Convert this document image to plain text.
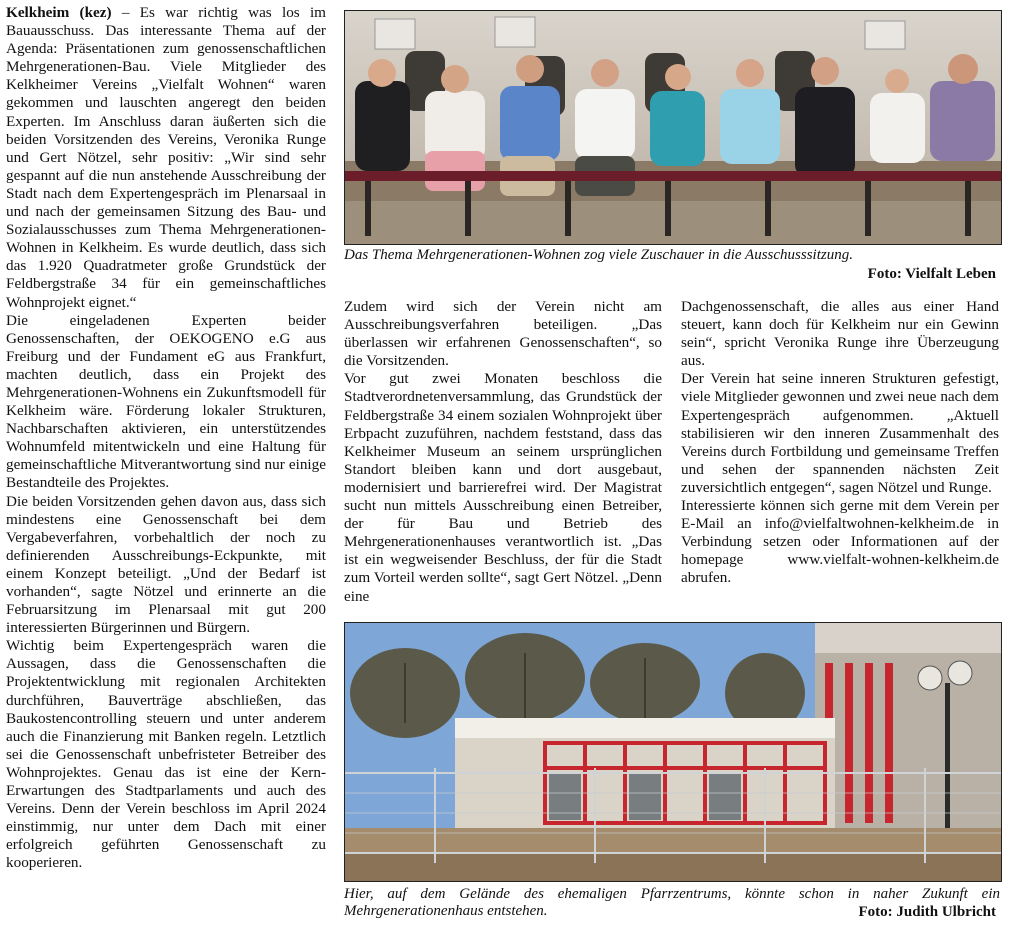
Kelkheim (kez) – Es war richtig was los im Bauausschuss. Das interessante Thema auf der Agenda: Präsentationen zum genossenschaftlichen Mehrgenerationen-Bau. Viele Mitglieder des Kelkheimer Vereins „Vielfalt Wohnen“ waren gekommen und lauschten angeregt den beiden Experten. Im Anschluss daran äußerten sich die beiden Vorsitzenden des Vereins, Veronika Runge und Gert Nötzel, sehr positiv: „Wir sind sehr gespannt auf die nun anstehende Ausschreibung der Stadt nach dem Expertengespräch im Plenarsaal in und nach der gemeinsamen Sitzung des Bau- und Sozialausschusses zum Thema Mehrgenerationen-Wohnen in Kelkheim. Es wurde deutlich, dass sich das 1.920 Quadratmeter große Grundstück der Feldbergstraße 34 für ein gemeinschaftliches Wohnprojekt eignet.“

Die eingeladenen Experten beider Genossenschaften, der OEKOGENO e.G aus Freiburg und der Fundament eG aus Frankfurt, machten deutlich, dass ein Projekt des Mehrgenerationen-Wohnens ein Zukunftsmodell für Kelkheim wäre. Förderung lokaler Strukturen, Nachbarschaften aktivieren, ein unterstützendes Wohnumfeld mitentwickeln und eine Haltung für gemeinschaftliche Mitverantwortung sind nur einige Bestandteile des Projektes.

Die beiden Vorsitzenden gehen davon aus, dass sich mindestens eine Genossenschaft bei dem Vergabeverfahren, vorbehaltlich der noch zu definierenden Ausschreibungs-Eckpunkte, mit einem Konzept beteiligt. „Und der Bedarf ist vorhanden“, sagte Nötzel und erinnerte an die Februarsitzung im Plenarsaal mit gut 200 interessierten Bürgerinnen und Bürgern.

Wichtig beim Expertengespräch waren die Aussagen, dass die Genossenschaften die Projektentwicklung mit regionalen Architekten durchführen, Bauverträge abschließen, das Baukostencontrolling steuern und unter anderem auch die Finanzierung mit Banken regeln. Letztlich sei die Genossenschaft unbefristeter Betreiber des Wohnprojektes. Genau das ist eine der Kern-Erwartungen des Stadtparlaments und auch des Vereins. Denn der Verein beschloss im April 2024 einstimmig, nur unter dem Dach mit einer erfolgreich geführten Genossenschaft zu kooperieren.

Das Thema Mehrgenerationen-Wohnen zog viele Zuschauer in die Ausschusssitzung.
Foto: Vielfalt Leben

Zudem wird sich der Verein nicht am Ausschreibungsverfahren beteiligen. „Das überlassen wir erfahrenen Genossenschaften“, so die Vorsitzenden.

Vor gut zwei Monaten beschloss die Stadtverordnetenversammlung, das Grundstück der Feldbergstraße 34 einem sozialen Wohnprojekt über Erbpacht zuzuführen, nachdem feststand, dass das Kelkheimer Museum an seinem ursprünglichen Standort bleiben kann und dort ausgebaut, modernisiert und barrierefrei wird. Der Magistrat sucht nun mittels Ausschreibung einen Betreiber, der für Bau und Betrieb des Mehrgenerationenhauses verantwortlich ist. „Das ist ein wegweisender Beschluss, der für die Stadt zum Vorteil werden sollte“, sagt Gert Nötzel. „Denn eine

Dachgenossenschaft, die alles aus einer Hand steuert, kann doch für Kelkheim nur ein Gewinn sein“, spricht Veronika Runge ihre Überzeugung aus.

Der Verein hat seine inneren Strukturen gefestigt, viele Mitglieder gewonnen und zwei neue nach dem Expertengespräch aufgenommen. „Aktuell stabilisieren wir den inneren Zusammenhalt des Vereins durch Fortbildung und gemeinsame Treffen und sehen der spannenden nächsten Zeit zuversichtlich entgegen“, sagen Nötzel und Runge.

Interessierte können sich gerne mit dem Verein per E-Mail an info@vielfaltwohnen-kelkheim.de in Verbindung setzen oder Informationen auf der homepage www.vielfalt-wohnen-kelkheim.de abrufen.

Hier, auf dem Gelände des ehemaligen Pfarrzentrums, könnte schon in naher Zukunft ein Mehrgenerationenhaus entstehen.	Foto: Judith Ulbricht
